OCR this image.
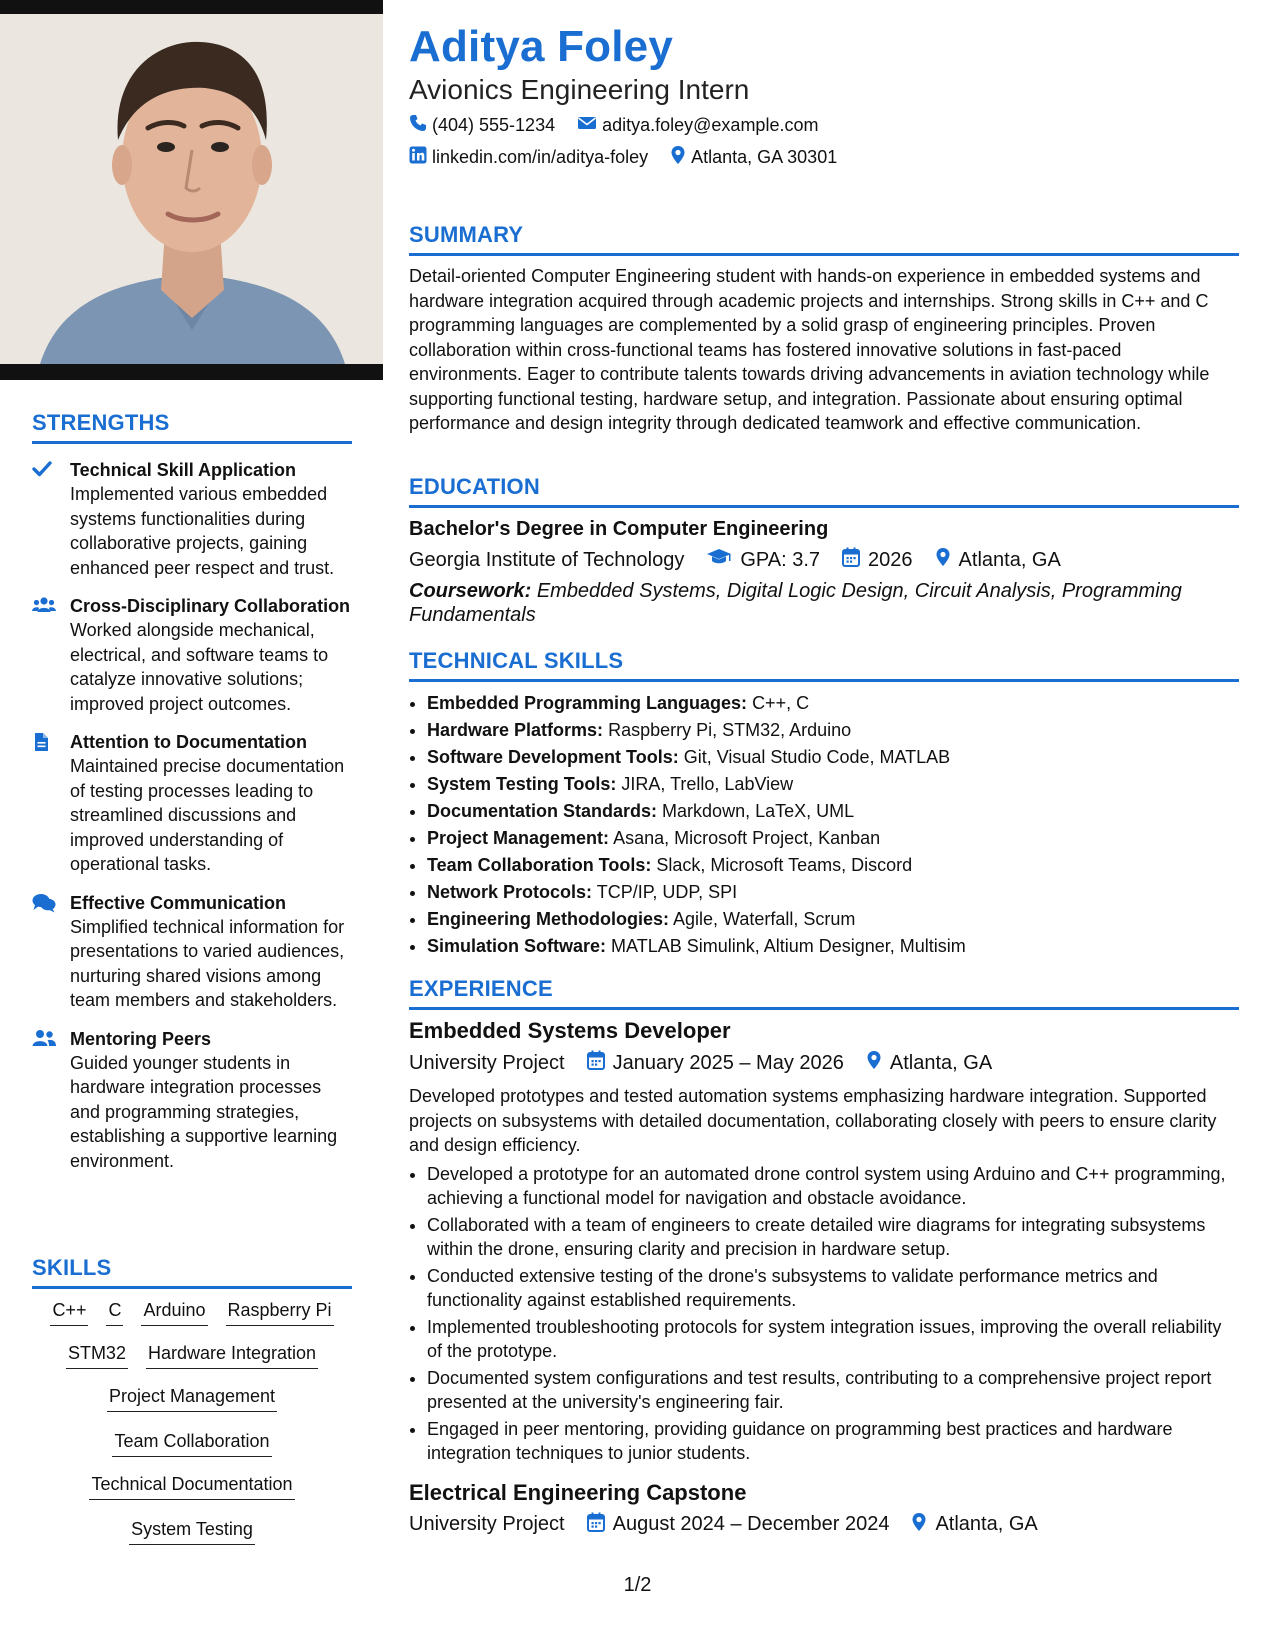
STRENGTHS
Technical Skill Application
Implemented various embedded systems functionalities during collaborative projects, gaining enhanced peer respect and trust.
Cross-Disciplinary Collaboration
Worked alongside mechanical, electrical, and software teams to catalyze innovative solutions; improved project outcomes.
Attention to Documentation
Maintained precise documentation of testing processes leading to streamlined discussions and improved understanding of operational tasks.
Effective Communication
Simplified technical information for presentations to varied audiences, nurturing shared visions among team members and stakeholders.
Mentoring Peers
Guided younger students in hardware integration processes and programming strategies, establishing a supportive learning environment.
SKILLS
C++ C Arduino Raspberry Pi
STM32 Hardware Integration
Project Management
Team Collaboration
Technical Documentation
System Testing
Aditya Foley
Avionics Engineering Intern
(404) 555-1234	aditya.foley@example.com
linkedin.com/in/aditya-foley Atlanta, GA 30301
SUMMARY
Detail-oriented Computer Engineering student with hands-on experience in embedded systems and hardware integration acquired through academic projects and internships. Strong skills in C++ and C programming languages are complemented by a solid grasp of engineering principles. Proven collaboration within cross-functional teams has fostered innovative solutions in fast-paced environments. Eager to contribute talents towards driving advancements in aviation technology while supporting functional testing, hardware setup, and integration. Passionate about ensuring optimal performance and design integrity through dedicated teamwork and effective communication.
EDUCATION
Bachelor's Degree in Computer Engineering
Georgia Institute of Technology	GPA: 3.7 2026 Atlanta, GA
Coursework: Embedded Systems, Digital Logic Design, Circuit Analysis, Programming Fundamentals
TECHNICAL SKILLS
• Embedded Programming Languages: C++, C
• Hardware Platforms: Raspberry Pi, STM32, Arduino
• Software Development Tools: Git, Visual Studio Code, MATLAB
• System Testing Tools: JIRA, Trello, LabView
• Documentation Standards: Markdown, LaTeX, UML
• Project Management: Asana, Microsoft Project, Kanban
• Team Collaboration Tools: Slack, Microsoft Teams, Discord
• Network Protocols: TCP/IP, UDP, SPI
• Engineering Methodologies: Agile, Waterfall, Scrum
• Simulation Software: MATLAB Simulink, Altium Designer, Multisim
EXPERIENCE
Embedded Systems Developer
University Project January 2025 – May 2026 Atlanta, GA
Developed prototypes and tested automation systems emphasizing hardware integration. Supported projects on subsystems with detailed documentation, collaborating closely with peers to ensure clarity and design efficiency.
• Developed a prototype for an automated drone control system using Arduino and C++ programming, achieving a functional model for navigation and obstacle avoidance.
• Collaborated with a team of engineers to create detailed wire diagrams for integrating subsystems within the drone, ensuring clarity and precision in hardware setup.
• Conducted extensive testing of the drone's subsystems to validate performance metrics and functionality against established requirements.
• Implemented troubleshooting protocols for system integration issues, improving the overall reliability of the prototype.
• Documented system configurations and test results, contributing to a comprehensive project report presented at the university's engineering fair.
• Engaged in peer mentoring, providing guidance on programming best practices and hardware integration techniques to junior students.
Electrical Engineering Capstone
University Project August 2024 – December 2024 Atlanta, GA
1/2
